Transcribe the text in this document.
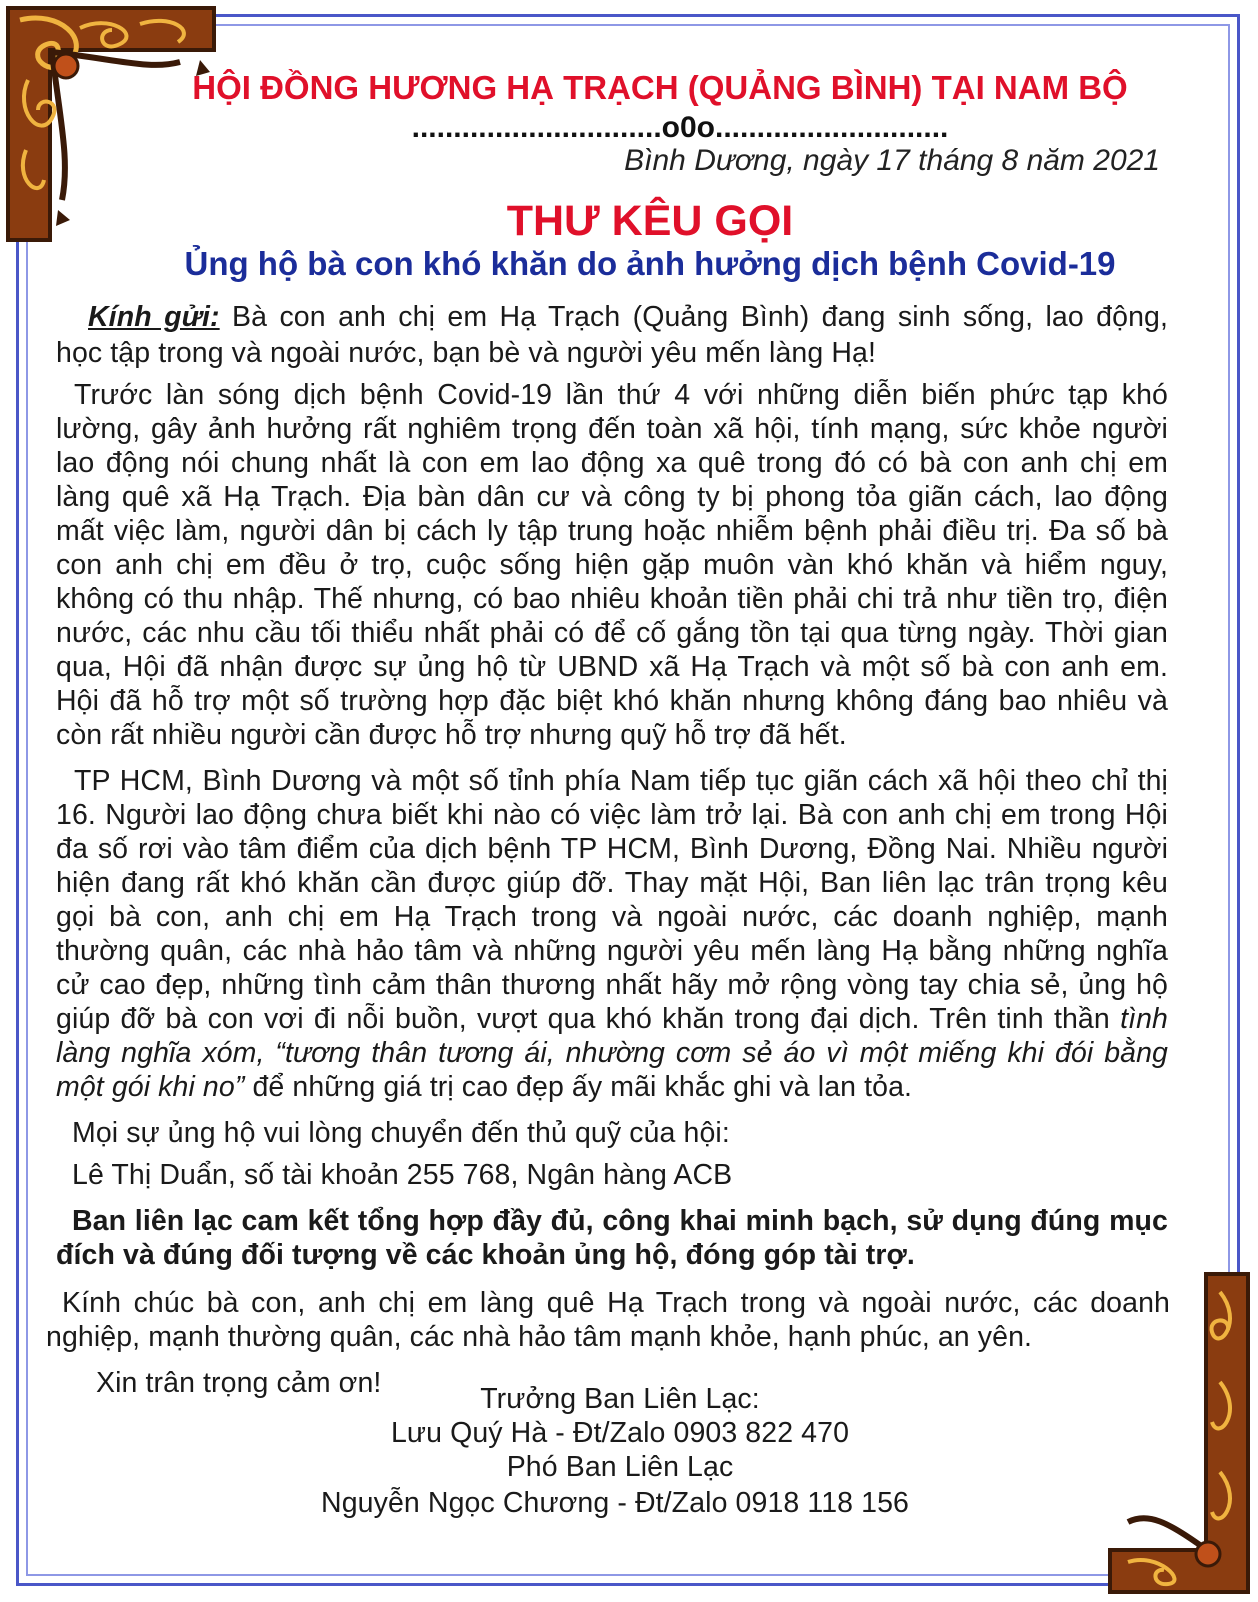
HỘI ĐỒNG HƯƠNG HẠ TRẠCH (QUẢNG BÌNH) TẠI NAM BỘ
..............................o0o............................
Bình Dương, ngày 17 tháng 8 năm 2021
THƯ KÊU GỌI
Ủng hộ bà con khó khăn do ảnh hưởng dịch bệnh Covid-19
Kính gửi: Bà con anh chị em Hạ Trạch (Quảng Bình) đang sinh sống, lao động,
học tập trong và ngoài nước, bạn bè và người yêu mến làng Hạ!
Trước làn sóng dịch bệnh Covid-19 lần thứ 4 với những diễn biến phức tạp khó
lường, gây ảnh hưởng rất nghiêm trọng đến toàn xã hội, tính mạng, sức khỏe người
lao động nói chung nhất là con em lao động xa quê trong đó có bà con anh chị em
làng quê xã Hạ Trạch. Địa bàn dân cư và công ty bị phong tỏa giãn cách, lao động
mất việc làm, người dân bị cách ly tập trung hoặc nhiễm bệnh phải điều trị. Đa số bà
con anh chị em đều ở trọ, cuộc sống hiện gặp muôn vàn khó khăn và hiểm nguy,
không có thu nhập. Thế nhưng, có bao nhiêu khoản tiền phải chi trả như tiền trọ, điện
nước, các nhu cầu tối thiểu nhất phải có để cố gắng tồn tại qua từng ngày. Thời gian
qua, Hội đã nhận được sự ủng hộ từ UBND xã Hạ Trạch và một số bà con anh em.
Hội đã hỗ trợ một số trường hợp đặc biệt khó khăn nhưng không đáng bao nhiêu và
còn rất nhiều người cần được hỗ trợ nhưng quỹ hỗ trợ đã hết.
TP HCM, Bình Dương và một số tỉnh phía Nam tiếp tục giãn cách xã hội theo chỉ thị
16. Người lao động chưa biết khi nào có việc làm trở lại. Bà con anh chị em trong Hội
đa số rơi vào tâm điểm của dịch bệnh TP HCM, Bình Dương, Đồng Nai. Nhiều người
hiện đang rất khó khăn cần được giúp đỡ. Thay mặt Hội, Ban liên lạc trân trọng kêu
gọi bà con, anh chị em Hạ Trạch trong và ngoài nước, các doanh nghiệp, mạnh
thường quân, các nhà hảo tâm và những người yêu mến làng Hạ bằng những nghĩa
cử cao đẹp, những tình cảm thân thương nhất hãy mở rộng vòng tay chia sẻ, ủng hộ
giúp đỡ bà con vơi đi nỗi buồn, vượt qua khó khăn trong đại dịch. Trên tinh thần tình
làng nghĩa xóm, “tương thân tương ái, nhường cơm sẻ áo vì một miếng khi đói bằng
một gói khi no” để những giá trị cao đẹp ấy mãi khắc ghi và lan tỏa.
Mọi sự ủng hộ vui lòng chuyển đến thủ quỹ của hội:
Lê Thị Duẩn, số tài khoản 255 768, Ngân hàng ACB
Ban liên lạc cam kết tổng hợp đầy đủ, công khai minh bạch, sử dụng đúng mục
đích và đúng đối tượng về các khoản ủng hộ, đóng góp tài trợ.
Kính chúc bà con, anh chị em làng quê Hạ Trạch trong và ngoài nước, các doanh
nghiệp, mạnh thường quân, các nhà hảo tâm mạnh khỏe, hạnh phúc, an yên.
Xin trân trọng cảm ơn!	Trưởng Ban Liên Lạc:
Lưu Quý Hà - Đt/Zalo 0903 822 470
Phó Ban Liên Lạc
Nguyễn Ngọc Chương - Đt/Zalo 0918 118 156
